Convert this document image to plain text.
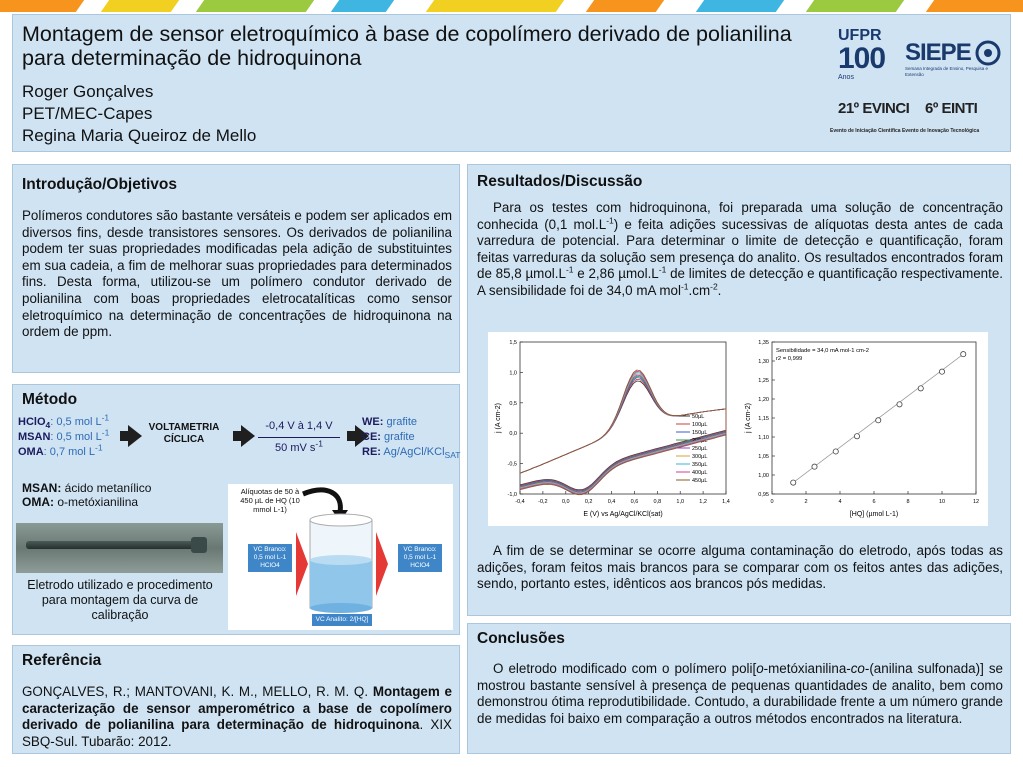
Montagem de sensor eletroquímico à base de copolímero derivado de polianilina para determinação de hidroquinona
Roger Gonçalves
PET/MEC-Capes
Regina Maria Queiroz de Mello
UFPR
100
Anos
SIEPE
Semana Integrada de Ensino, Pesquisa e Extensão
21º EVINCI 6º EINTI
Evento de Iniciação Científica Evento de Inovação Tecnológica
Introdução/Objetivos
Polímeros condutores são bastante versáteis e podem ser aplicados em diversos fins, desde transistores sensores. Os derivados de polianilina podem ter suas propriedades modificadas pela adição de substituintes em sua cadeia, a fim de melhorar suas propriedades para determinados fins. Desta forma, utilizou-se um polímero condutor derivado de polianilina com boas propriedades eletrocatalíticas como sensor eletroquímico na determinação de concentrações de hidroquinona na ordem de ppm.
Método
HClO$_4$: 0,5 mol $L^{-1}$
MSAN: 0,5 mol $L^{-1}$
OMA: 0,7 mol $L^{-1}$
VOLTAMETRIA CÍCLICA
-0,4 V à 1,4 V
50 mV $s^{-1}$
WE: grafite
CE: grafite
RE: Ag/AgCl/KCl$_{SAT}$
MSAN: ácido metanílico
OMA: o-metóxianilina
Eletrodo utilizado e procedimento para montagem da curva de calibração
Alíquotas de 50 à 450 µL de HQ (10 mmol L-1)
VC Branco: 0,5 mol L-1 HClO4
VC Branco: 0,5 mol L-1 HClO4
VC Analito: 2/[HQ]
Referência
GONÇALVES, R.; MANTOVANI, K. M., MELLO, R. M. Q. Montagem e caracterização de sensor amperométrico a base de copolímero derivado de polianilina para determinação de hidroquinona. XIX SBQ-Sul. Tubarão: 2012.
Resultados/Discussão
Para os testes com hidroquinona, foi preparada uma solução de concentração conhecida (0,1 $mol.L^{-1}$) e feita adições sucessivas de alíquotas desta antes de cada varredura de potencial. Para determinar o limite de detecção e quantificação, foram feitas varreduras da solução sem presença do analito. Os resultados encontrados foram de 85,8 $\mu mol.L^{-1}$ e 2,86 $\mu mol.L^{-1}$ de limites de detecção e quantificação respectivamente. A sensibilidade foi de 34,0 mA $mol^{-1}.cm^{-2}$.
-0,4 -0,2	0,0	0,2	0,4	0,6	0,8	1,0	1,2	1,4
-1,0
-0,5
0,0
0,5
1,0
1,5
E (V) vs Ag/AgCl/KCl(sat)
j (A cm-2)	50µL
100µL
150µL
200µL
250µL
300µL
350µL
400µL
450µL
0	2	4	6	8	10	12
0,95
1,00
1,05
1,10
1,15
1,20
1,25
1,30
1,35
[HQ] (µmol L-1)
j (A cm-2)
Sensibilidade = 34,0 mA mol-1 cm-2
r2 = 0,999
A fim de se determinar se ocorre alguma contaminação do eletrodo, após todas as adições, foram feitos mais brancos para se comparar com os feitos antes das adições, sendo, portanto estes, idênticos aos brancos pós medidas.
Conclusões
O eletrodo modificado com o polímero poli[o-metóxianilina-co-(anilina sulfonada)] se mostrou bastante sensível à presença de pequenas quantidades de analito, bem como demonstrou ótima reprodutibilidade. Contudo, a durabilidade frente a um número grande de medidas foi baixo em comparação a outros métodos encontrados na literatura.
